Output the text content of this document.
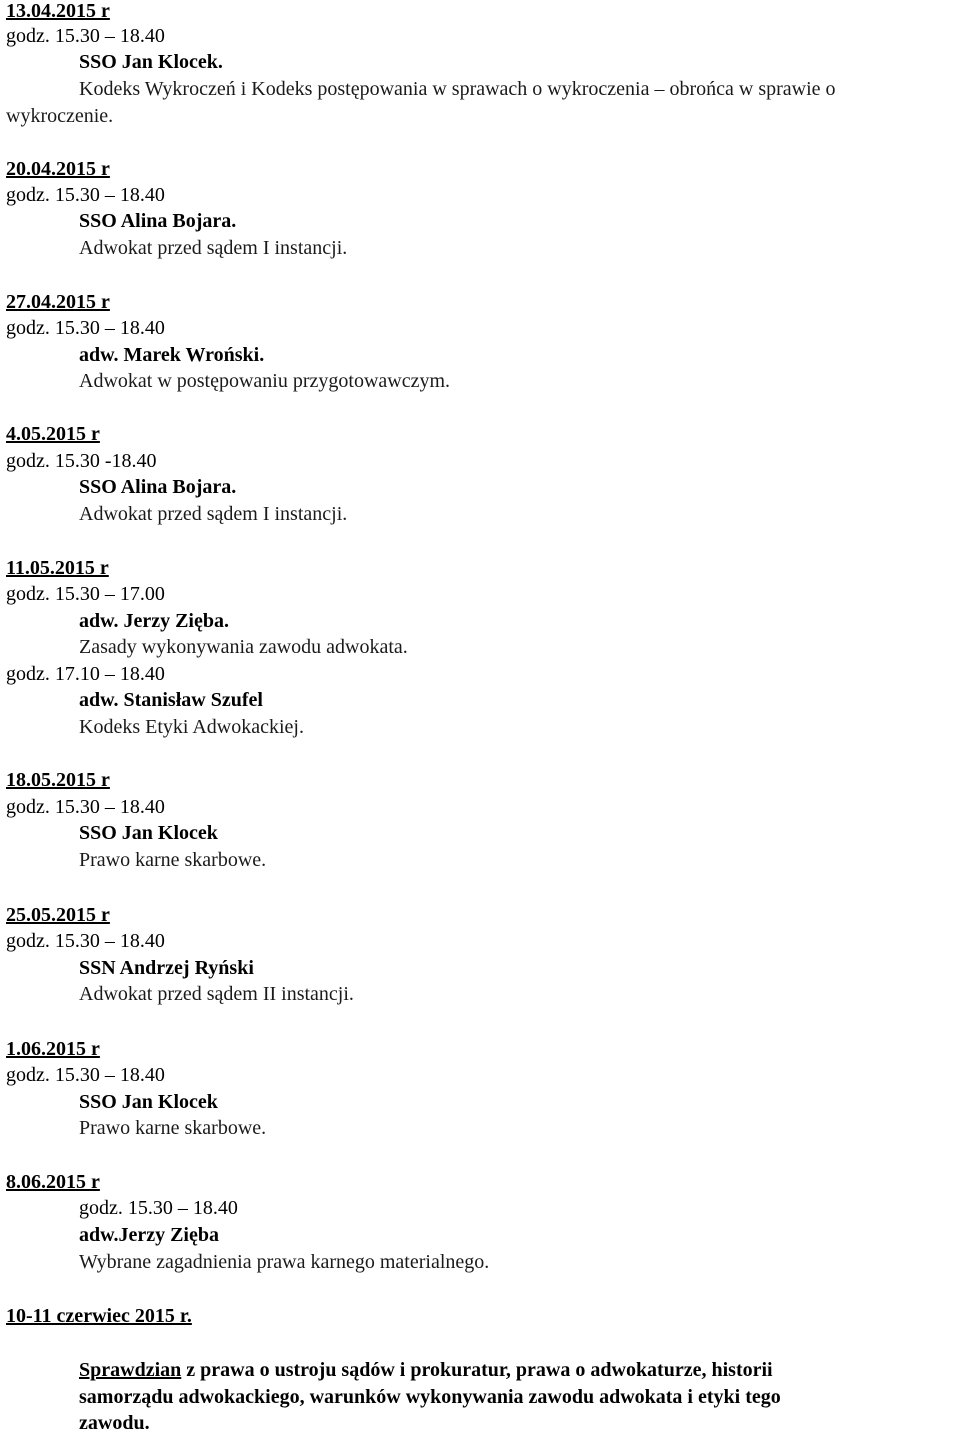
13.04.2015 r

godz. 15.30 – 18.40

SSO Jan Klocek.

Kodeks Wykroczeń i Kodeks postępowania w sprawach o wykroczenia – obrońca w sprawie o

wykroczenie.

20.04.2015 r

godz. 15.30 – 18.40

SSO Alina Bojara.

Adwokat przed sądem I instancji.

27.04.2015 r

godz. 15.30 – 18.40

adw. Marek Wroński.

Adwokat w postępowaniu przygotowawczym.

4.05.2015 r

godz. 15.30 -18.40

SSO Alina Bojara.

Adwokat przed sądem I instancji.

11.05.2015 r

godz. 15.30 – 17.00

adw. Jerzy Zięba.

Zasady wykonywania zawodu adwokata.

godz. 17.10 – 18.40

adw. Stanisław Szufel

Kodeks Etyki Adwokackiej.

18.05.2015 r

godz. 15.30 – 18.40

SSO Jan Klocek

Prawo karne skarbowe.

25.05.2015 r

godz. 15.30 – 18.40

SSN Andrzej Ryński

Adwokat przed sądem II instancji.

1.06.2015 r

godz. 15.30 – 18.40

SSO Jan Klocek

Prawo karne skarbowe.

8.06.2015 r

godz. 15.30 – 18.40

adw.Jerzy Zięba

Wybrane zagadnienia prawa karnego materialnego.

10-11 czerwiec 2015 r.

Sprawdzian z prawa o ustroju sądów i prokuratur, prawa o adwokaturze, historii

samorządu adwokackiego, warunków wykonywania zawodu adwokata i etyki tego

zawodu.
